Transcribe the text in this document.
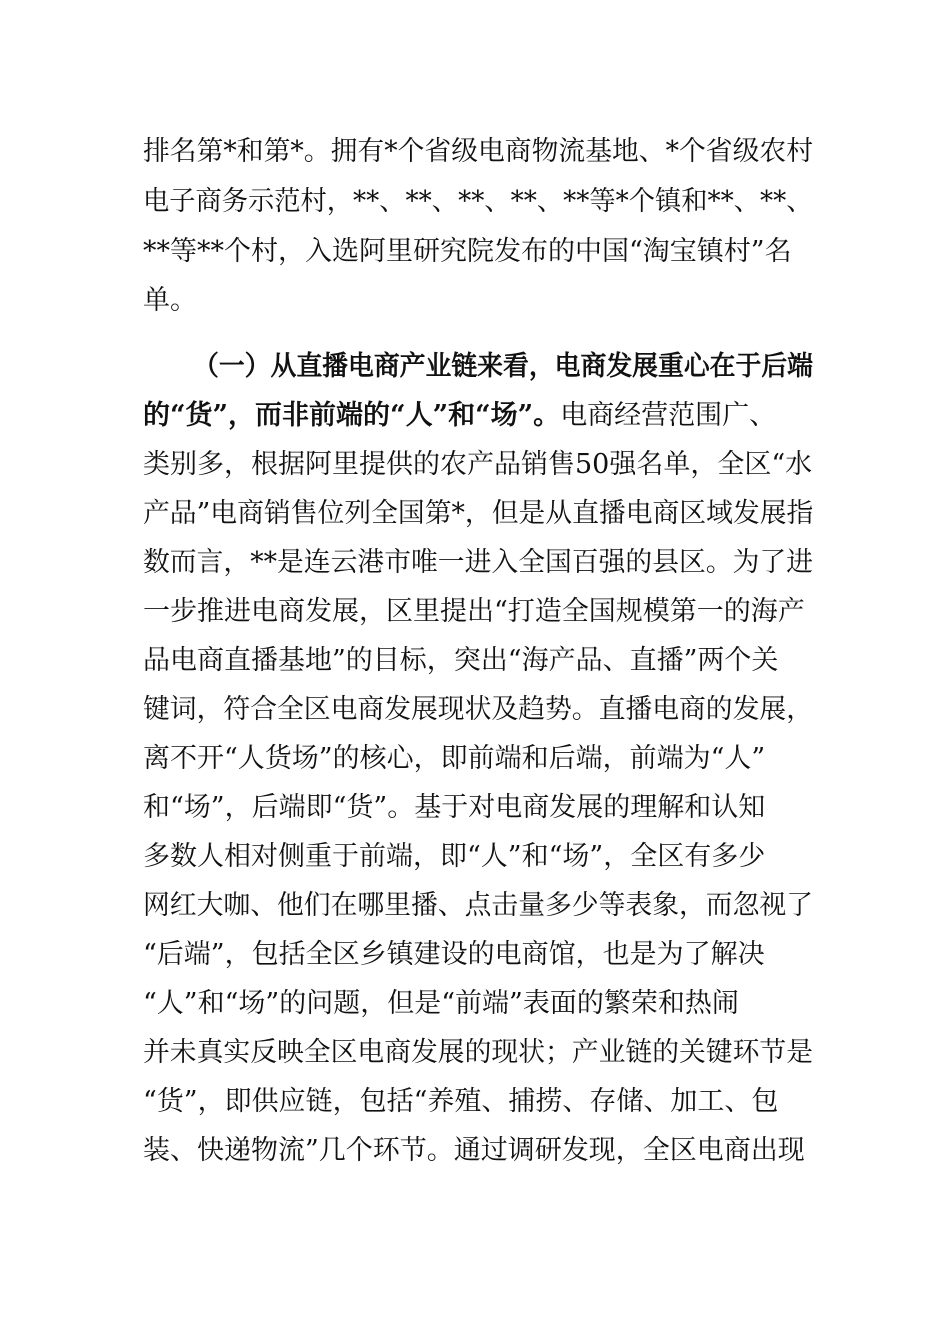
排名第*和第*。拥有*个省级电商物流基地、*个省级农村
电子商务示范村，**、**、**、**、**等*个镇和**、**、
**等**个村，入选阿里研究院发布的中国“淘宝镇村”名
单。
（一）从直播电商产业链来看，电商发展重心在于后端
的“货”，而非前端的“人”和“场”。电商经营范围广、
类别多，根据阿里提供的农产品销售50强名单，全区“水
产品”电商销售位列全国第*，但是从直播电商区域发展指
数而言，**是连云港市唯一进入全国百强的县区。为了进
一步推进电商发展，区里提出“打造全国规模第一的海产
品电商直播基地”的目标，突出“海产品、直播”两个关
键词，符合全区电商发展现状及趋势。直播电商的发展，
离不开“人货场”的核心，即前端和后端，前端为“人”
和“场”，后端即“货”。基于对电商发展的理解和认知
多数人相对侧重于前端，即“人”和“场”，全区有多少
网红大咖、他们在哪里播、点击量多少等表象，而忽视了
“后端”，包括全区乡镇建设的电商馆，也是为了解决
“人”和“场”的问题，但是“前端”表面的繁荣和热闹
并未真实反映全区电商发展的现状；产业链的关键环节是
“货”，即供应链，包括“养殖、捕捞、存储、加工、包
装、快递物流”几个环节。通过调研发现，全区电商出现
